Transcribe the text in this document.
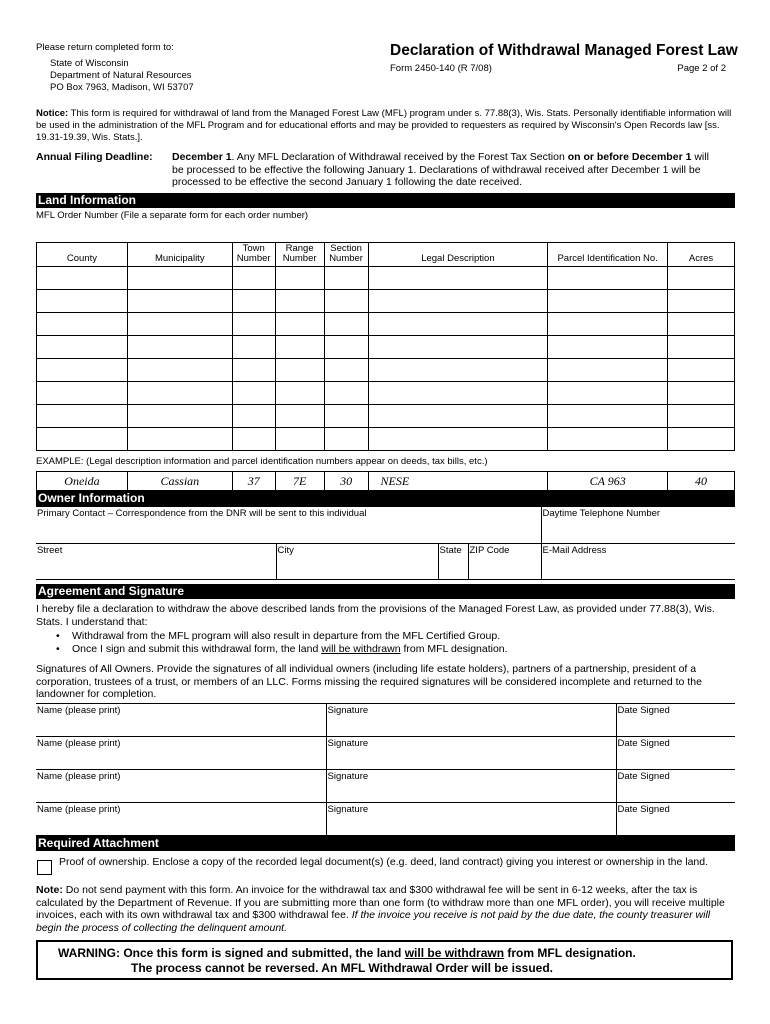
Please return completed form to:
State of Wisconsin
Department of Natural Resources
PO Box 7963, Madison, WI 53707
Declaration of Withdrawal Managed Forest Law
Form 2450-140 (R 7/08)	Page 2 of 2
Notice: This form is required for withdrawal of land from the Managed Forest Law (MFL) program under s. 77.88(3), Wis. Stats. Personally identifiable information will be used in the administration of the MFL Program and for educational efforts and may be provided to requesters as required by Wisconsin's Open Records law [ss. 19.31-19.39, Wis. Stats.].
Annual Filing Deadline: December 1. Any MFL Declaration of Withdrawal received by the Forest Tax Section on or before December 1 will be processed to be effective the following January 1. Declarations of withdrawal received after December 1 will be processed to be effective the second January 1 following the date received.
Land Information
MFL Order Number (File a separate form for each order number)
County	Municipality	Town Number	Range Number	Section Number	Legal Description	Parcel Identification No.	Acres

EXAMPLE: (Legal description information and parcel identification numbers appear on deeds, tax bills, etc.)
Oneida	Cassian	37	7E	30	NESE	CA 963	40
Owner Information
Primary Contact – Correspondence from the DNR will be sent to this individual				Daytime Telephone Number
Street	City	State	ZIP Code	E-Mail Address
Agreement and Signature
I hereby file a declaration to withdraw the above described lands from the provisions of the Managed Forest Law, as provided under 77.88(3), Wis. Stats. I understand that:
• Withdrawal from the MFL program will also result in departure from the MFL Certified Group.
• Once I sign and submit this withdrawal form, the land will be withdrawn from MFL designation.
Signatures of All Owners. Provide the signatures of all individual owners (including life estate holders), partners of a partnership, president of a corporation, trustees of a trust, or members of an LLC. Forms missing the required signatures will be considered incomplete and returned to the landowner for completion.
Name (please print)	Signature	Date Signed
Name (please print)	Signature	Date Signed
Name (please print)	Signature	Date Signed
Name (please print)	Signature	Date Signed
Required Attachment
Proof of ownership. Enclose a copy of the recorded legal document(s) (e.g. deed, land contract) giving you interest or ownership in the land.
Note: Do not send payment with this form. An invoice for the withdrawal tax and $300 withdrawal fee will be sent in 6-12 weeks, after the tax is calculated by the Department of Revenue. If you are submitting more than one form (to withdraw more than one MFL order), you will receive multiple invoices, each with its own withdrawal tax and $300 withdrawal fee. If the invoice you receive is not paid by the due date, the county treasurer will begin the process of collecting the delinquent amount.
WARNING: Once this form is signed and submitted, the land will be withdrawn from MFL designation.
The process cannot be reversed. An MFL Withdrawal Order will be issued.
